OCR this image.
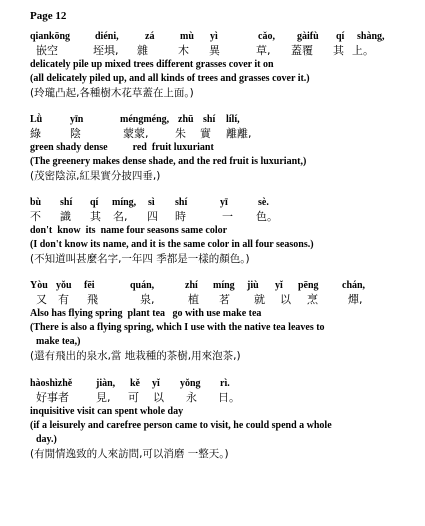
Page 12
qiankōng diéni,	zá	mù yì	cǎo, gàifù qí shàng,
嵌空	垤埧, 雜	木 異	草, 蓋覆 其 上。
delicately pile up mixed trees different grasses cover it on
(all delicately piled up, and all kinds of trees and grasses cover it.)
(玲瓏凸起,各種樹木花草蓋在上面。)
Lǜ	yīn	méngméng, zhū shí lílí,
綠	陰	蒙蒙, 朱 實 離離,
green shady dense          red  fruit luxuriant
(The greenery makes dense shade, and the red fruit is luxuriant,)
(茂密陰涼,紅果實分披四垂,)
bù shí qí míng, sì shí	yī	sè.
不 識 其 名, 四 時	一 色。
don't  know  its  name four seasons same color
(I don't know its name, and it is the same color in all four seasons.)
(不知道叫甚麼名字,一年四 季都是一樣的顏色。)
Yòu yǒu fēi	quán,	zhí míng jiù yǐ pēng chán,
又 有 飛	泉,	植 茗 就 以 烹	燀,
Also has flying spring  plant tea   go with use make tea
(There is also a flying spring, which I use with the native tea leaves to
make tea,)
(還有飛出的泉水,當 地栽種的茶樹,用來泡茶,)
hàoshìzhě jiàn, kě yǐ yǒng rì.
好事者 見, 可 以 永 日。
inquisitive visit can spent whole day
(if a leisurely and carefree person came to visit, he could spend a whole
day.)
(有閒情逸致的人來訪問,可以消磨 一整天。)
